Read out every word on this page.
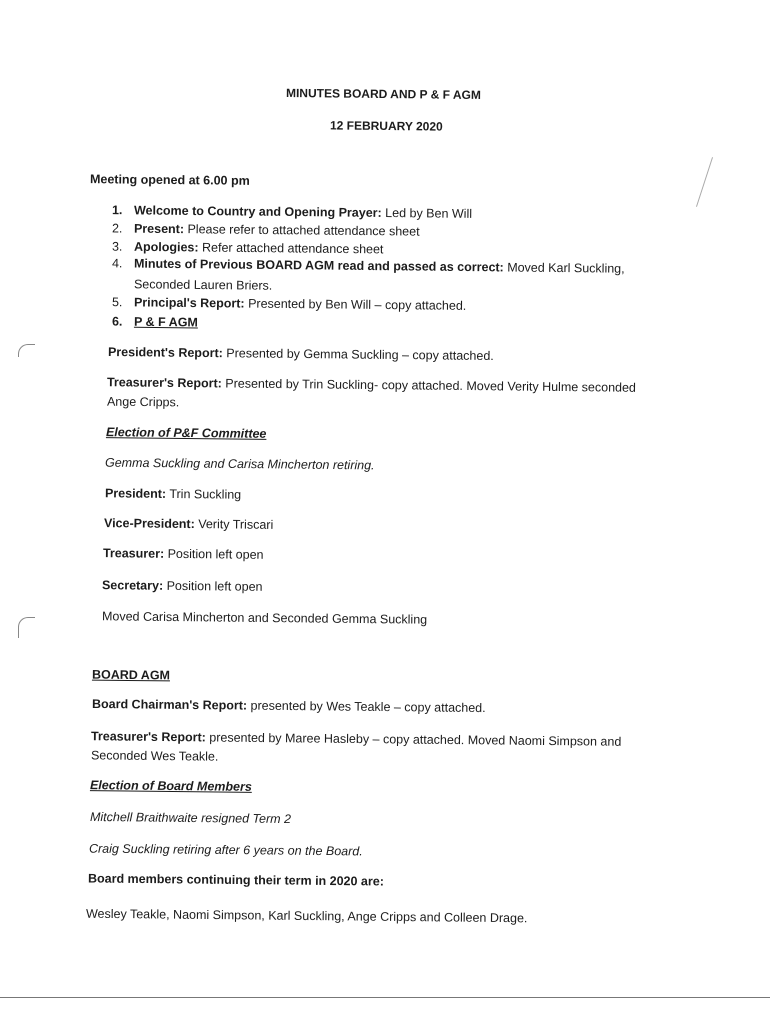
MINUTES BOARD AND P & F AGM
12 FEBRUARY 2020
Meeting opened at 6.00 pm
1. Welcome to Country and Opening Prayer: Led by Ben Will
2. Present: Please refer to attached attendance sheet
3. Apologies: Refer attached attendance sheet
4. Minutes of Previous BOARD AGM read and passed as correct: Moved Karl Suckling,
Seconded Lauren Briers.
5. Principal's Report: Presented by Ben Will – copy attached.
6. P & F AGM
President's Report: Presented by Gemma Suckling – copy attached.
Treasurer's Report: Presented by Trin Suckling- copy attached. Moved Verity Hulme seconded
Ange Cripps.
Election of P&F Committee
Gemma Suckling and Carisa Mincherton retiring.
President: Trin Suckling
Vice-President: Verity Triscari
Treasurer: Position left open
Secretary: Position left open
Moved Carisa Mincherton and Seconded Gemma Suckling
BOARD AGM
Board Chairman's Report: presented by Wes Teakle – copy attached.
Treasurer's Report: presented by Maree Hasleby – copy attached. Moved Naomi Simpson and
Seconded Wes Teakle.
Election of Board Members
Mitchell Braithwaite resigned Term 2
Craig Suckling retiring after 6 years on the Board.
Board members continuing their term in 2020 are:
Wesley Teakle, Naomi Simpson, Karl Suckling, Ange Cripps and Colleen Drage.
